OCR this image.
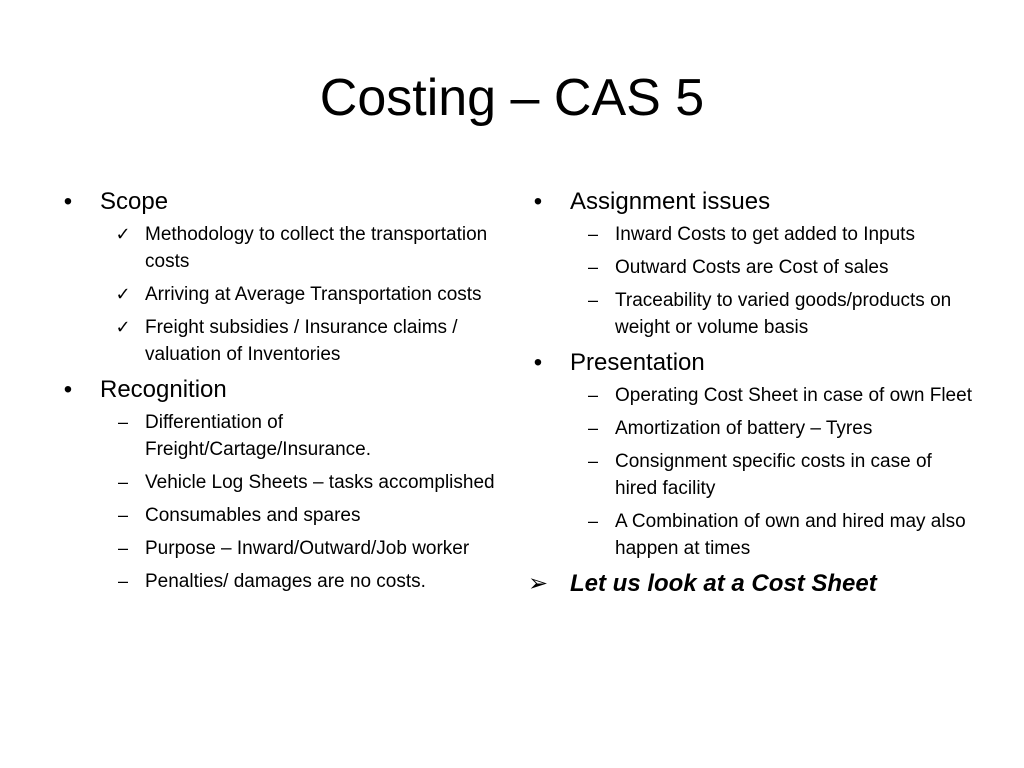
Costing – CAS 5
• Scope
✓ Methodology to collect the transportation costs
✓ Arriving at Average Transportation costs
✓ Freight subsidies / Insurance claims / valuation of Inventories
• Recognition
– Differentiation of Freight/Cartage/Insurance.
– Vehicle Log Sheets – tasks accomplished
– Consumables and spares
– Purpose – Inward/Outward/Job worker
– Penalties/ damages are no costs.
• Assignment issues
– Inward Costs to get added to Inputs
– Outward Costs are Cost of sales
– Traceability to varied goods/products on weight or volume basis
• Presentation
– Operating Cost Sheet in case of own Fleet
– Amortization of battery – Tyres
– Consignment specific costs in case of hired facility
– A Combination of own and hired may also happen at times
➢ Let us look at a Cost Sheet
